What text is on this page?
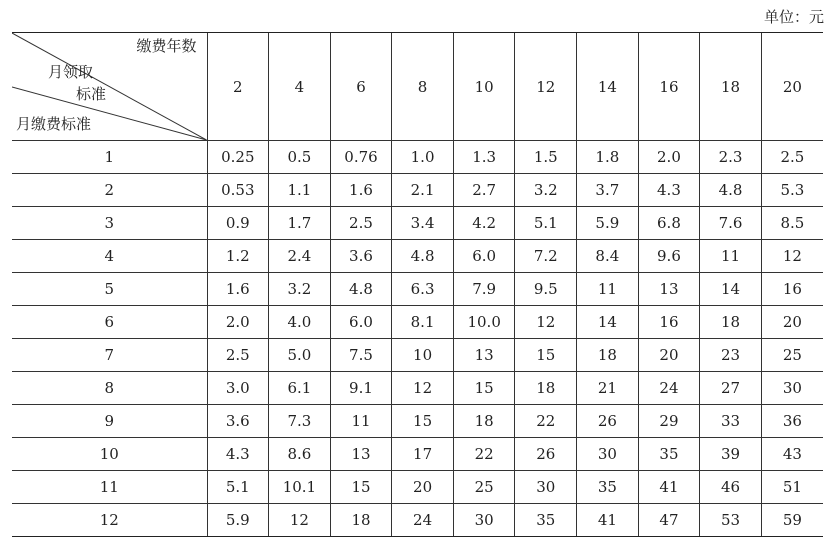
单位：元
缴费年数
月领取
标准
月缴费标准	2	4	6	8	10	12	14	16	18	20
1	0.25	0.5	0.76	1.0	1.3	1.5	1.8	2.0	2.3	2.5
2	0.53	1.1	1.6	2.1	2.7	3.2	3.7	4.3	4.8	5.3
3	0.9	1.7	2.5	3.4	4.2	5.1	5.9	6.8	7.6	8.5
4	1.2	2.4	3.6	4.8	6.0	7.2	8.4	9.6	11	12
5	1.6	3.2	4.8	6.3	7.9	9.5	11	13	14	16
6	2.0	4.0	6.0	8.1	10.0	12	14	16	18	20
7	2.5	5.0	7.5	10	13	15	18	20	23	25
8	3.0	6.1	9.1	12	15	18	21	24	27	30
9	3.6	7.3	11	15	18	22	26	29	33	36
10	4.3	8.6	13	17	22	26	30	35	39	43
11	5.1	10.1	15	20	25	30	35	41	46	51
12	5.9	12	18	24	30	35	41	47	53	59
